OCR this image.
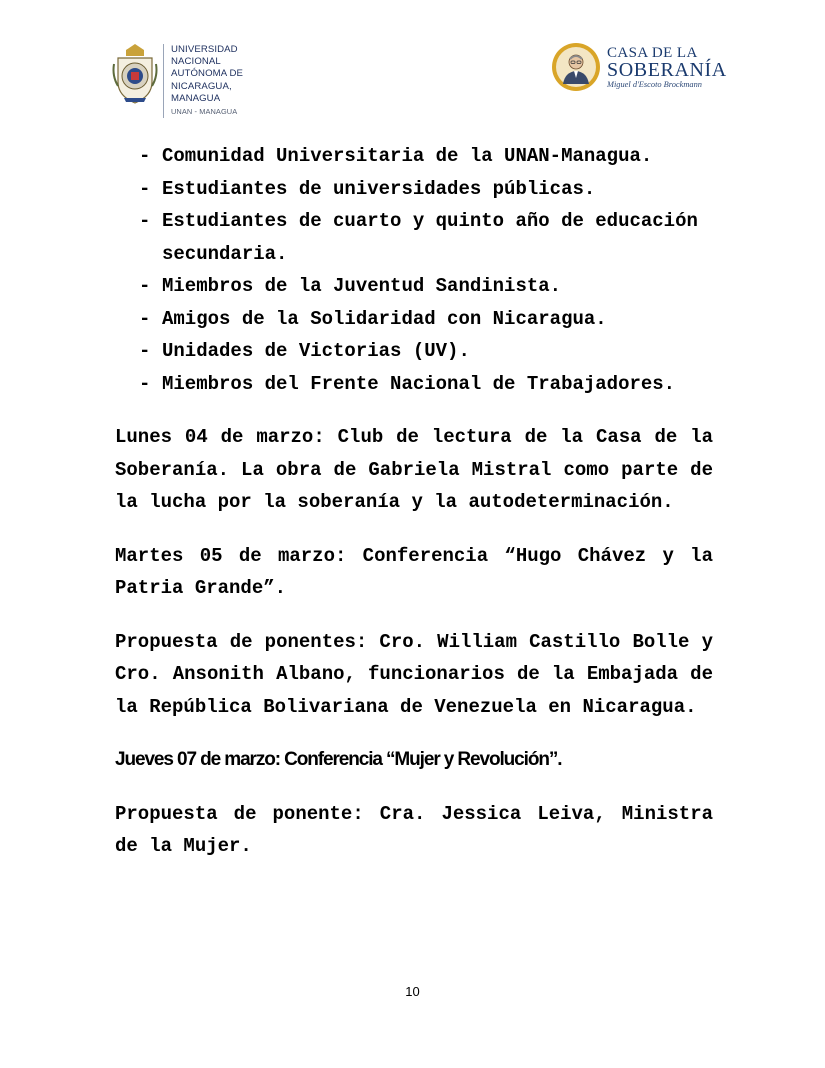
UNIVERSIDAD
NACIONAL
AUTÓNOMA DE
NICARAGUA,
MANAGUA
UNAN - MANAGUA
CASA DE LA
SOBERANÍA
Miguel d'Escoto Brockmann
- Comunidad Universitaria de la UNAN-Managua.
- Estudiantes de universidades públicas.
- Estudiantes de cuarto y quinto año de educación secundaria.
- Miembros de la Juventud Sandinista.
- Amigos de la Solidaridad con Nicaragua.
- Unidades de Victorias (UV).
- Miembros del Frente Nacional de Trabajadores.

Lunes 04 de marzo: Club de lectura de la Casa de la Soberanía. La obra de Gabriela Mistral como parte de la lucha por la soberanía y la autodeterminación.

Martes 05 de marzo: Conferencia “Hugo Chávez y la Patria Grande”.

Propuesta de ponentes: Cro. William Castillo Bolle y Cro. Ansonith Albano, funcionarios de la Embajada de la República Bolivariana de Venezuela en Nicaragua.

Jueves 07 de marzo: Conferencia “Mujer y Revolución”.

Propuesta de ponente: Cra. Jessica Leiva, Ministra de la Mujer.

10
